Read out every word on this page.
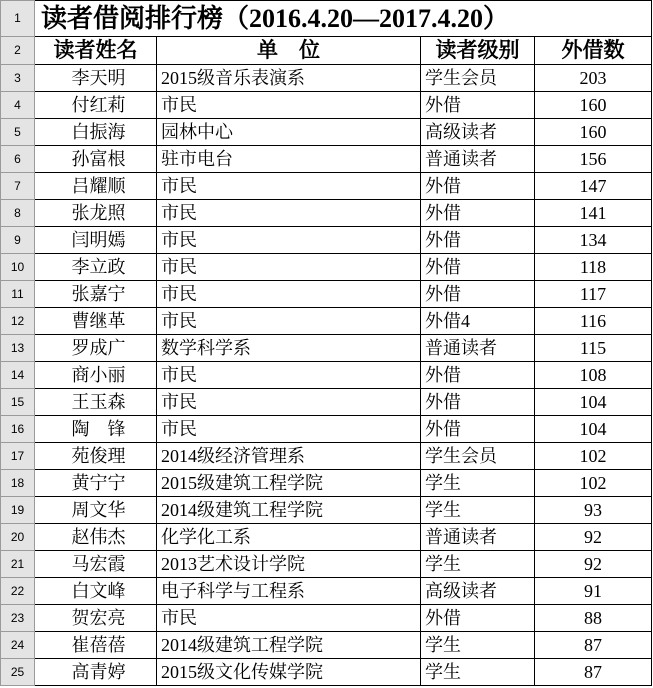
1	读者借阅排行榜（2016.4.20—2017.4.20）			
2	读者姓名	单　位	读者级别	外借数
3	李天明	2015级音乐表演系	学生会员	203
4	付红莉	市民	外借	160
5	白振海	园林中心	高级读者	160
6	孙富根	驻市电台	普通读者	156
7	吕耀顺	市民	外借	147
8	张龙照	市民	外借	141
9	闫明嫣	市民	外借	134
10	李立政	市民	外借	118
11	张嘉宁	市民	外借	117
12	曹继革	市民	外借4	116
13	罗成广	数学科学系	普通读者	115
14	商小丽	市民	外借	108
15	王玉森	市民	外借	104
16	陶　锋	市民	外借	104
17	苑俊理	2014级经济管理系	学生会员	102
18	黄宁宁	2015级建筑工程学院	学生	102
19	周文华	2014级建筑工程学院	学生	93
20	赵伟杰	化学化工系	普通读者	92
21	马宏霞	2013艺术设计学院	学生	92
22	白文峰	电子科学与工程系	高级读者	91
23	贺宏亮	市民	外借	88
24	崔蓓蓓	2014级建筑工程学院	学生	87
25	高青婷	2015级文化传媒学院	学生	87
